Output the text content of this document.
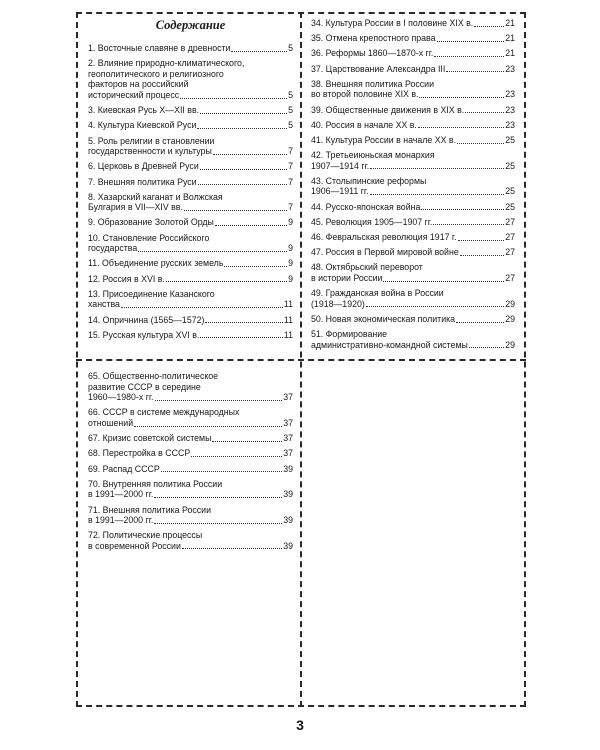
Содержание
1. Восточные славяне в древности	5
2. Влияние природно-климатического,
геополитического и религиозного
факторов на российский
исторический процесс	5
3. Киевская Русь X—XII вв.	5
4. Культура Киевской Руси	5
5. Роль религии в становлении
государственности и культуры	7
6. Церковь в Древней Руси	7
7. Внешняя политика Руси	7
8. Хазарский каганат и Волжская
Булгария в VII—XIV вв.	7
9. Образование Золотой Орды	9
10. Становление Российского
государства	9
11. Объединение русских земель	9
12. Россия в XVI в.	9
13. Присоединение Казанского
ханства	11
14. Опричнина (1565—1572)	11
15. Русская культура XVI в.	11
34. Культура России в I половине XIX в.	21
35. Отмена крепостного права	21
36. Реформы 1860—1870-х гг.	21
37. Царствование Александра III	23
38. Внешняя политика России
во второй половине XIX в.	23
39. Общественные движения в XIX в.	23
40. Россия в начале XX в.	23
41. Культура России в начале XX в.	25
42. Третьеиюньская монархия
1907—1914 гг.	25
43. Столыпинские реформы
1906—1911 гг.	25
44. Русско-японская война	25
45. Революция 1905—1907 гг.	27
46. Февральская революция 1917 г.	27
47. Россия в Первой мировой войне	27
48. Октябрьский переворот
в истории России	27
49. Гражданская война в России
(1918—1920)	29
50. Новая экономическая политика	29
51. Формирование
административно-командной системы	29
65. Общественно-политическое
развитие СССР в середине
1960—1980-х гг.	37
66. СССР в системе международных
отношений	37
67. Кризис советской системы	37
68. Перестройка в СССР	37
69. Распад СССР	39
70. Внутренняя политика России
в 1991—2000 гг.	39
71. Внешняя политика России
в 1991—2000 гг.	39
72. Политические процессы
в современной России	39
3
